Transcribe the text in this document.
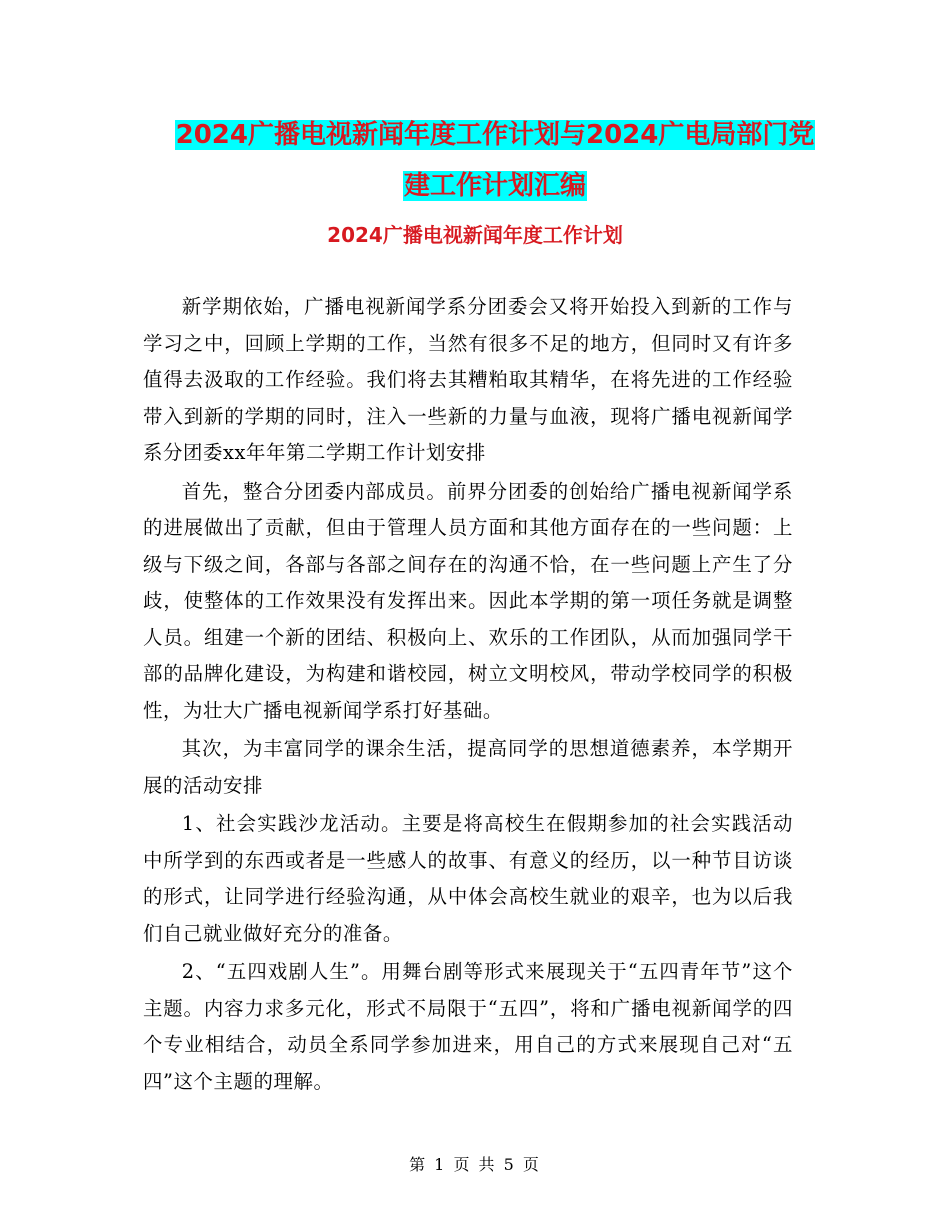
2024广播电视新闻年度工作计划与2024广电局部门党
建工作计划汇编
2024广播电视新闻年度工作计划

新学期依始，广播电视新闻学系分团委会又将开始投入到新的工作与学习之中，回顾上学期的工作，当然有很多不足的地方，但同时又有许多值得去汲取的工作经验。我们将去其糟粕取其精华，在将先进的工作经验带入到新的学期的同时，注入一些新的力量与血液，现将广播电视新闻学系分团委xx年年第二学期工作计划安排

首先，整合分团委内部成员。前界分团委的创始给广播电视新闻学系的进展做出了贡献，但由于管理人员方面和其他方面存在的一些问题：上级与下级之间，各部与各部之间存在的沟通不恰，在一些问题上产生了分歧，使整体的工作效果没有发挥出来。因此本学期的第一项任务就是调整人员。组建一个新的团结、积极向上、欢乐的工作团队，从而加强同学干部的品牌化建设，为构建和谐校园，树立文明校风，带动学校同学的积极性，为壮大广播电视新闻学系打好基础。

其次，为丰富同学的课余生活，提高同学的思想道德素养，本学期开展的活动安排

1、社会实践沙龙活动。主要是将高校生在假期参加的社会实践活动中所学到的东西或者是一些感人的故事、有意义的经历，以一种节目访谈的形式，让同学进行经验沟通，从中体会高校生就业的艰辛，也为以后我们自己就业做好充分的准备。

2、“五四戏剧人生”。用舞台剧等形式来展现关于“五四青年节”这个主题。内容力求多元化，形式不局限于“五四”，将和广播电视新闻学的四个专业相结合，动员全系同学参加进来，用自己的方式来展现自己对“五四”这个主题的理解。

第 1 页 共 5 页
